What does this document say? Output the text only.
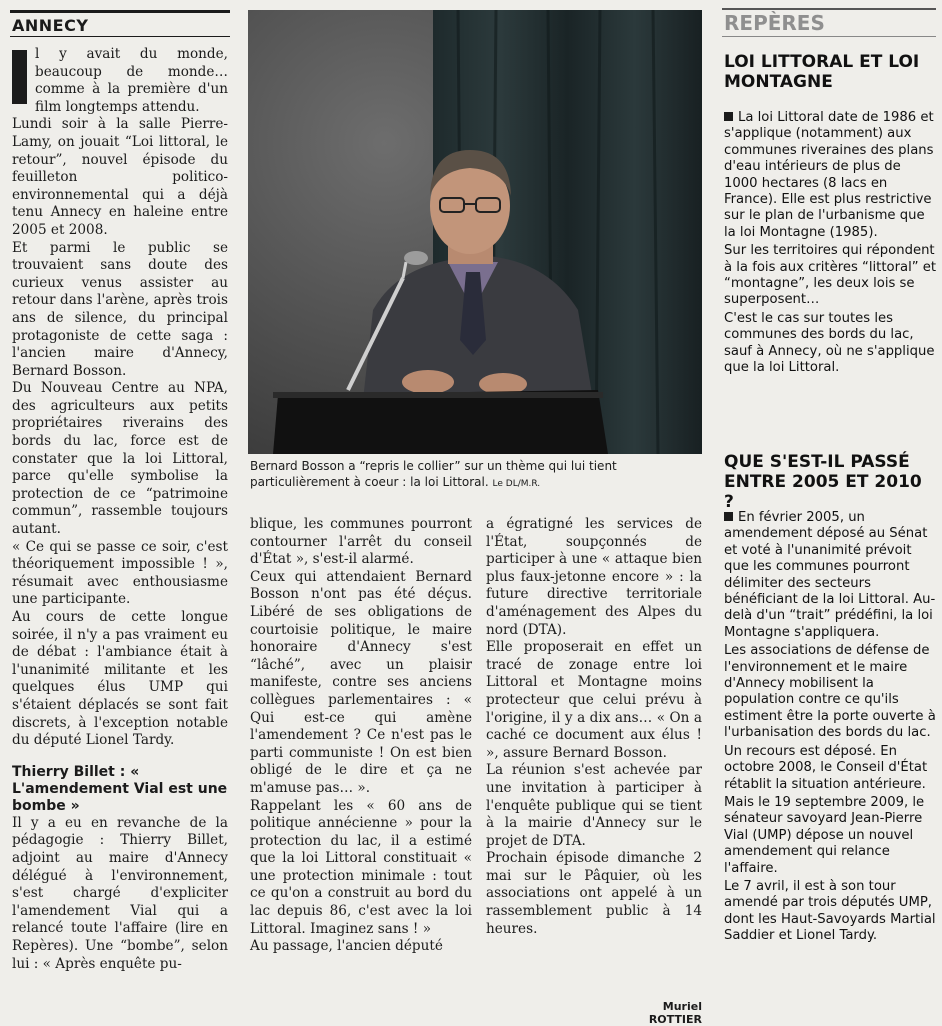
ANNECY

l y avait du monde, beaucoup de monde… comme à la première d'un film longtemps attendu.

Lundi soir à la salle Pierre-Lamy, on jouait “Loi littoral, le retour”, nouvel épisode du feuilleton politico-environnemental qui a déjà tenu Annecy en haleine entre 2005 et 2008.

Et parmi le public se trouvaient sans doute des curieux venus assister au retour dans l'arène, après trois ans de silence, du principal protagoniste de cette saga : l'ancien maire d'Annecy, Bernard Bosson.

Du Nouveau Centre au NPA, des agriculteurs aux petits propriétaires riverains des bords du lac, force est de constater que la loi Littoral, parce qu'elle symbolise la protection de ce “patrimoine commun”, rassemble toujours autant.

« Ce qui se passe ce soir, c'est théoriquement impossible ! », résumait avec enthousiasme une participante.

Au cours de cette longue soirée, il n'y a pas vraiment eu de débat : l'ambiance était à l'unanimité militante et les quelques élus UMP qui s'étaient déplacés se sont fait discrets, à l'exception notable du député Lionel Tardy.

Thierry Billet : « L'amendement Vial est une bombe »

Il y a eu en revanche de la pédagogie : Thierry Billet, adjoint au maire d'Annecy délégué à l'environnement, s'est chargé d'expliciter l'amendement Vial qui a relancé toute l'affaire (lire en Repères). Une “bombe”, selon lui : « Après enquête pu-

Bernard Bosson a “repris le collier” sur un thème qui lui tient particulièrement à coeur : la loi Littoral. Le DL/M.R.

blique, les communes pourront contourner l'arrêt du conseil d'État », s'est-il alarmé.

Ceux qui attendaient Bernard Bosson n'ont pas été déçus. Libéré de ses obligations de courtoisie politique, le maire honoraire d'Annecy s'est “lâché”, avec un plaisir manifeste, contre ses anciens collègues parlementaires : « Qui est-ce qui amène l'amendement ? Ce n'est pas le parti communiste ! On est bien obligé de le dire et ça ne m'amuse pas… ».

Rappelant les « 60 ans de politique annécienne » pour la protection du lac, il a estimé que la loi Littoral constituait « une protection minimale : tout ce qu'on a construit au bord du lac depuis 86, c'est avec la loi Littoral. Imaginez sans ! »

Au passage, l'ancien député

a égratigné les services de l'État, soupçonnés de participer à une « attaque bien plus faux-jetonne encore » : la future directive territoriale d'aménagement des Alpes du nord (DTA).

Elle proposerait en effet un tracé de zonage entre loi Littoral et Montagne moins protecteur que celui prévu à l'origine, il y a dix ans… « On a caché ce document aux élus ! », assure Bernard Bosson.

La réunion s'est achevée par une invitation à participer à l'enquête publique qui se tient à la mairie d'Annecy sur le projet de DTA.

Prochain épisode dimanche 2 mai sur le Pâquier, où les associations ont appelé à un rassemblement public à 14 heures.

Muriel ROTTIER
REPÈRES
LOI LITTORAL ET LOI MONTAGNE

La loi Littoral date de 1986 et s'applique (notamment) aux communes riveraines des plans d'eau intérieurs de plus de 1000 hectares (8 lacs en France). Elle est plus restrictive sur le plan de l'urbanisme que la loi Montagne (1985).

Sur les territoires qui répondent à la fois aux critères “littoral” et “montagne”, les deux lois se superposent…

C'est le cas sur toutes les communes des bords du lac, sauf à Annecy, où ne s'applique que la loi Littoral.

QUE S'EST-IL PASSÉ ENTRE 2005 ET 2010 ?

En février 2005, un amendement déposé au Sénat et voté à l'unanimité prévoit que les communes pourront délimiter des secteurs bénéficiant de la loi Littoral. Au-delà d'un “trait” prédéfini, la loi Montagne s'appliquera.

Les associations de défense de l'environnement et le maire d'Annecy mobilisent la population contre ce qu'ils estiment être la porte ouverte à l'urbanisation des bords du lac.

Un recours est déposé. En octobre 2008, le Conseil d'État rétablit la situation antérieure.

Mais le 19 septembre 2009, le sénateur savoyard Jean-Pierre Vial (UMP) dépose un nouvel amendement qui relance l'affaire.

Le 7 avril, il est à son tour amendé par trois députés UMP, dont les Haut-Savoyards Martial Saddier et Lionel Tardy.
